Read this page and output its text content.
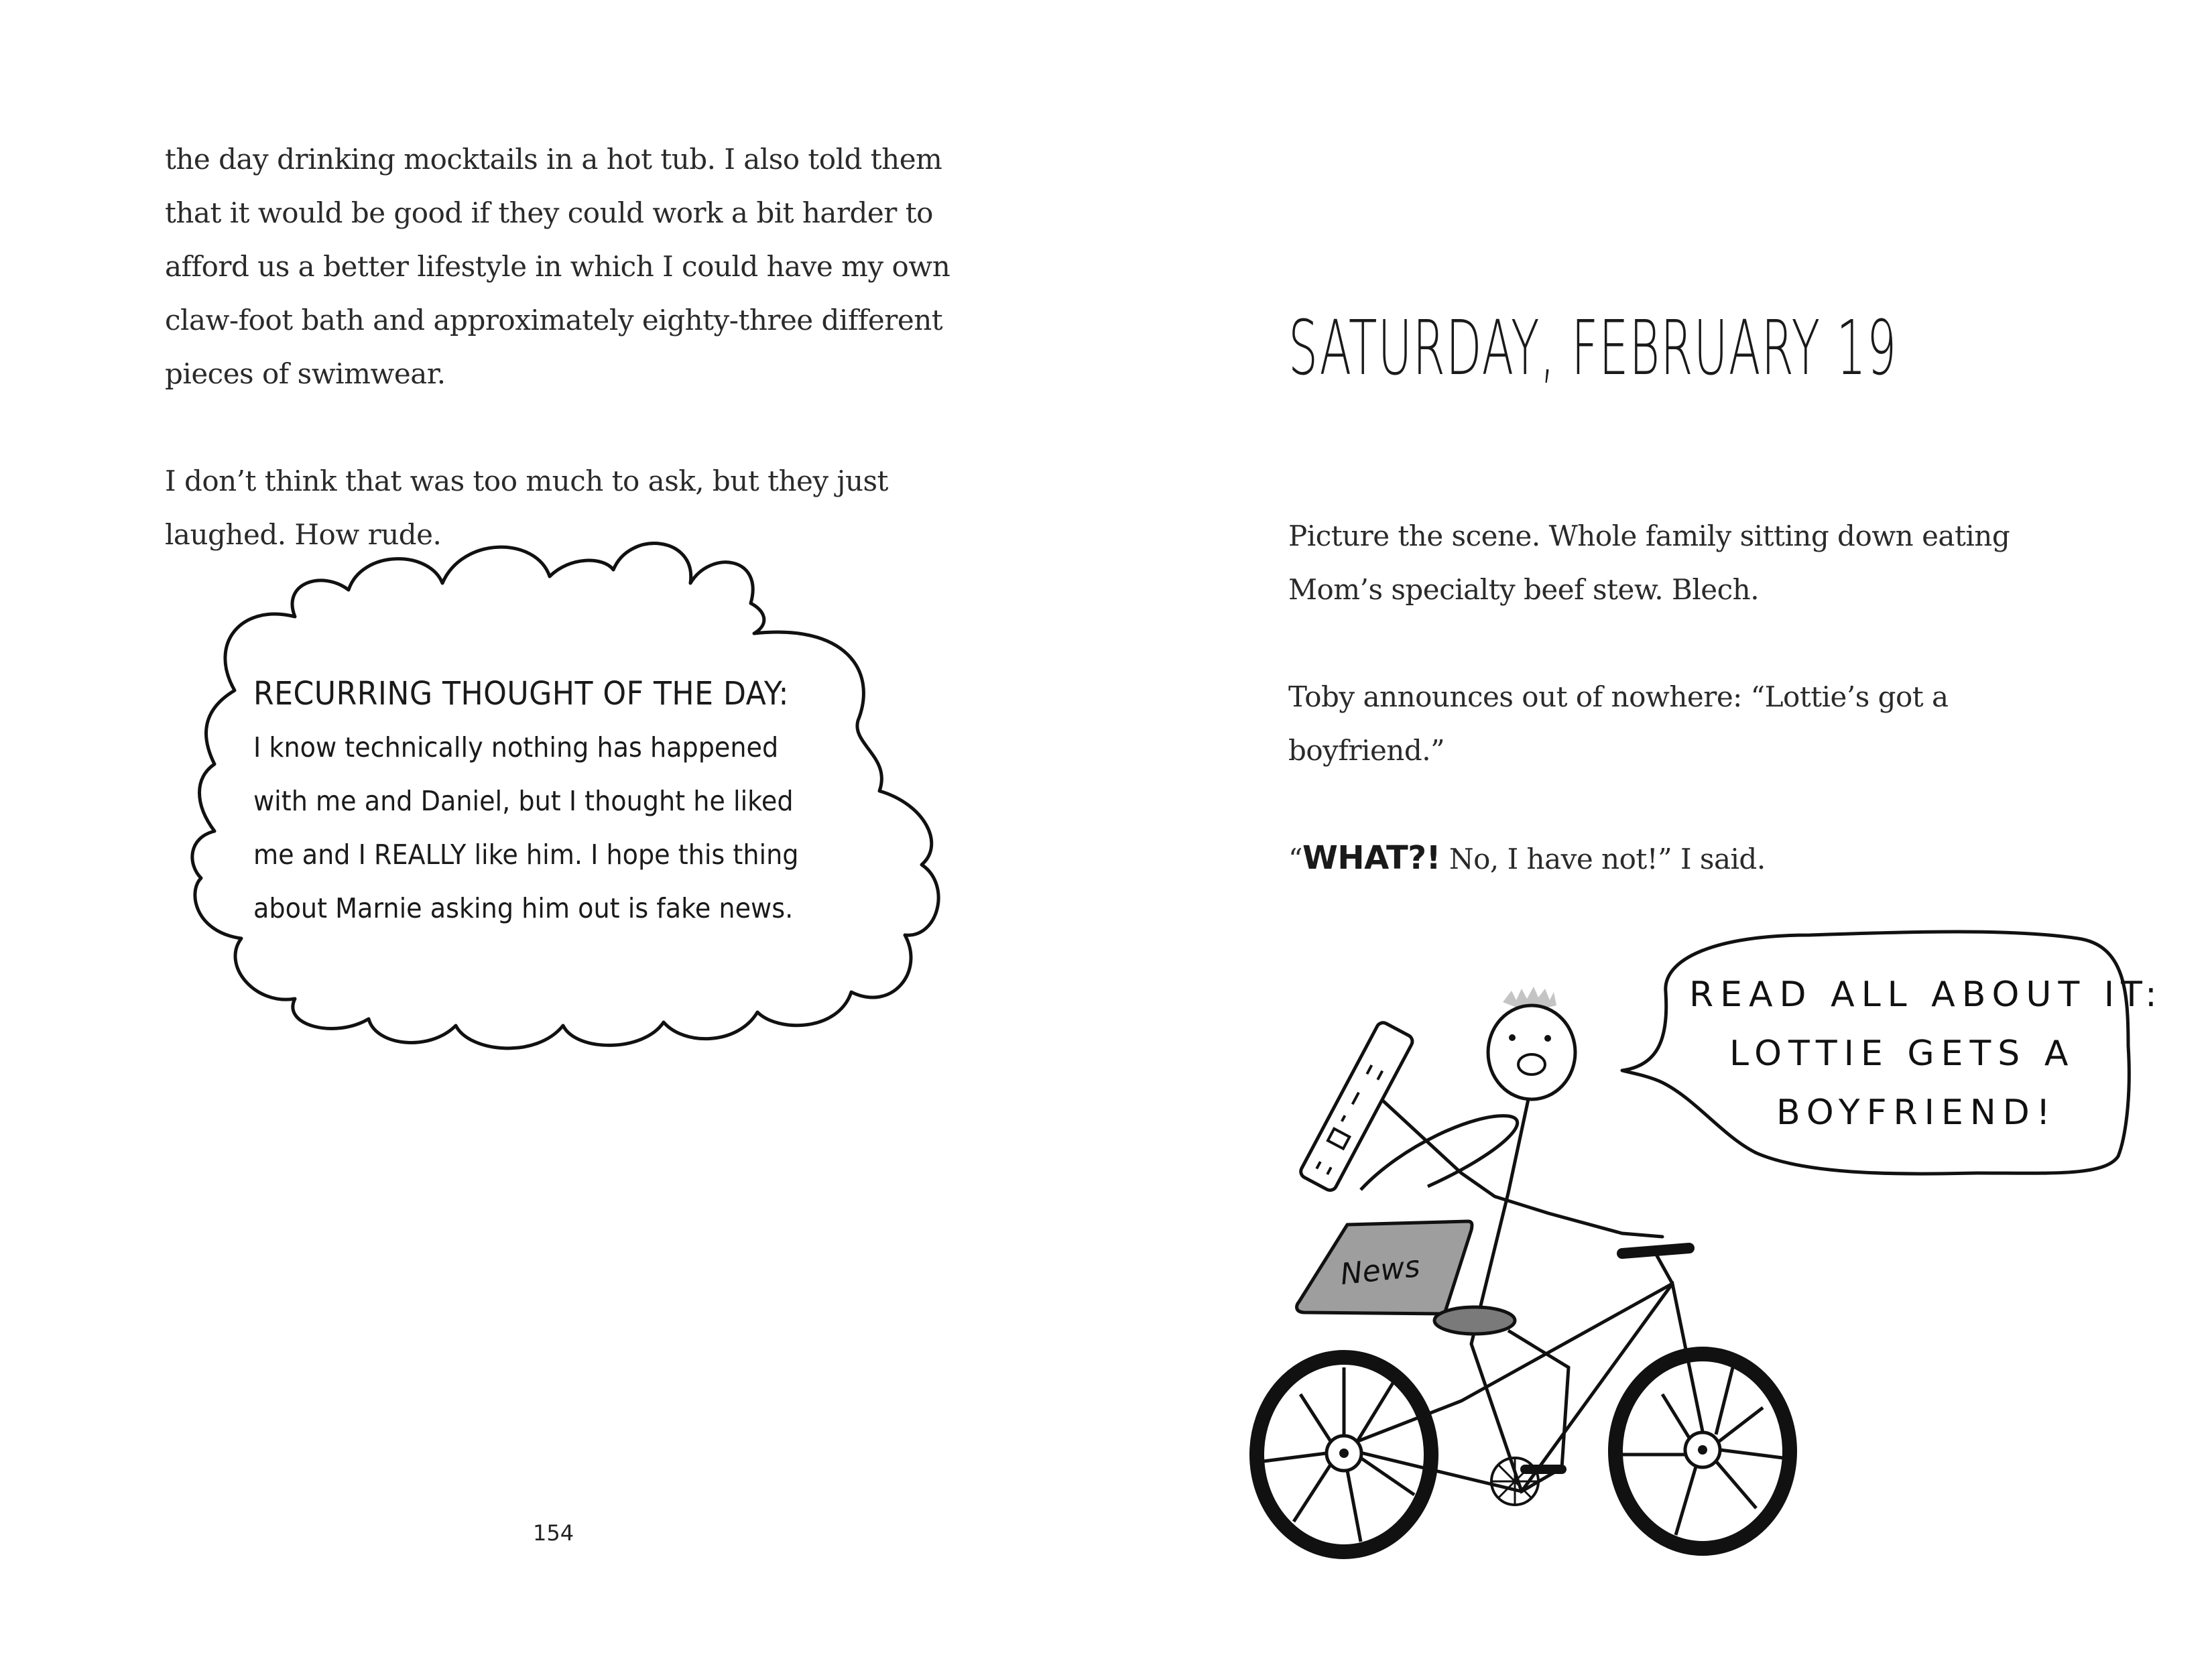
the day drinking mocktails in a hot tub. I also told them

that it would be good if they could work a bit harder to

afford us a better lifestyle in which I could have my own

claw-foot bath and approximately eighty-three different

pieces of swimwear.

I don’t think that was too much to ask, but they just

laughed. How rude.

RECURRING THOUGHT OF THE DAY:
I know technically nothing has happened
with me and Daniel, but I thought he liked
me and I REALLY like him. I hope this thing
about Marnie asking him out is fake news.
154
SATURDAY, FEBRUARY 19

Picture the scene. Whole family sitting down eating

Mom’s specialty beef stew. Blech.

Toby announces out of nowhere: “Lottie’s got a

boyfriend.”

“WHAT?! No, I have not!” I said.

News
READ ALL ABOUT IT:
LOTTIE GETS A
BOYFRIEND!
